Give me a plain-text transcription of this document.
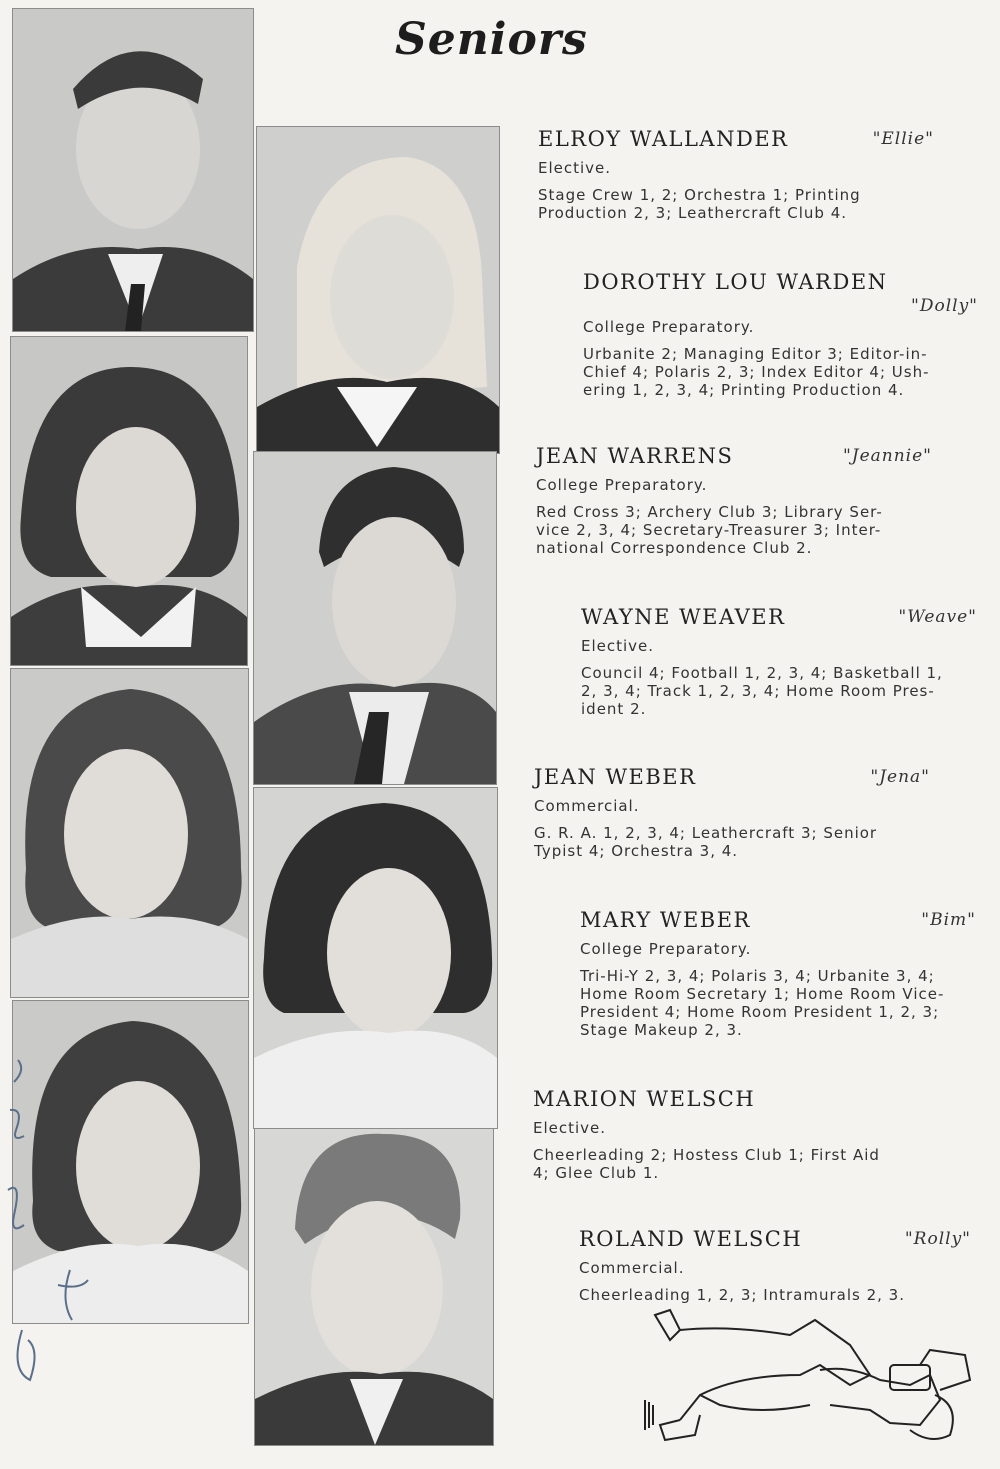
Seniors
ELROY WALLANDER	"Ellie"
Elective.
Stage Crew 1, 2; Orchestra 1; Printing
Production 2, 3; Leathercraft Club 4.
DOROTHY LOU WARDEN
"Dolly"
College Preparatory.
Urbanite 2; Managing Editor 3; Editor-in-
Chief 4; Polaris 2, 3; Index Editor 4; Ush-
ering 1, 2, 3, 4; Printing Production 4.
JEAN WARRENS	"Jeannie"
College Preparatory.
Red Cross 3; Archery Club 3; Library Ser-
vice 2, 3, 4; Secretary-Treasurer 3; Inter-
national Correspondence Club 2.
WAYNE WEAVER	"Weave"
Elective.
Council 4; Football 1, 2, 3, 4; Basketball 1,
2, 3, 4; Track 1, 2, 3, 4; Home Room Pres-
ident 2.
JEAN WEBER	"Jena"
Commercial.
G. R. A. 1, 2, 3, 4; Leathercraft 3; Senior
Typist 4; Orchestra 3, 4.
MARY WEBER	"Bim"
College Preparatory.
Tri-Hi-Y 2, 3, 4; Polaris 3, 4; Urbanite 3, 4;
Home Room Secretary 1; Home Room Vice-
President 4; Home Room President 1, 2, 3;
Stage Makeup 2, 3.
MARION WELSCH
Elective.
Cheerleading 2; Hostess Club 1; First Aid
4; Glee Club 1.
ROLAND WELSCH	"Rolly"
Commercial.
Cheerleading 1, 2, 3; Intramurals 2, 3.
